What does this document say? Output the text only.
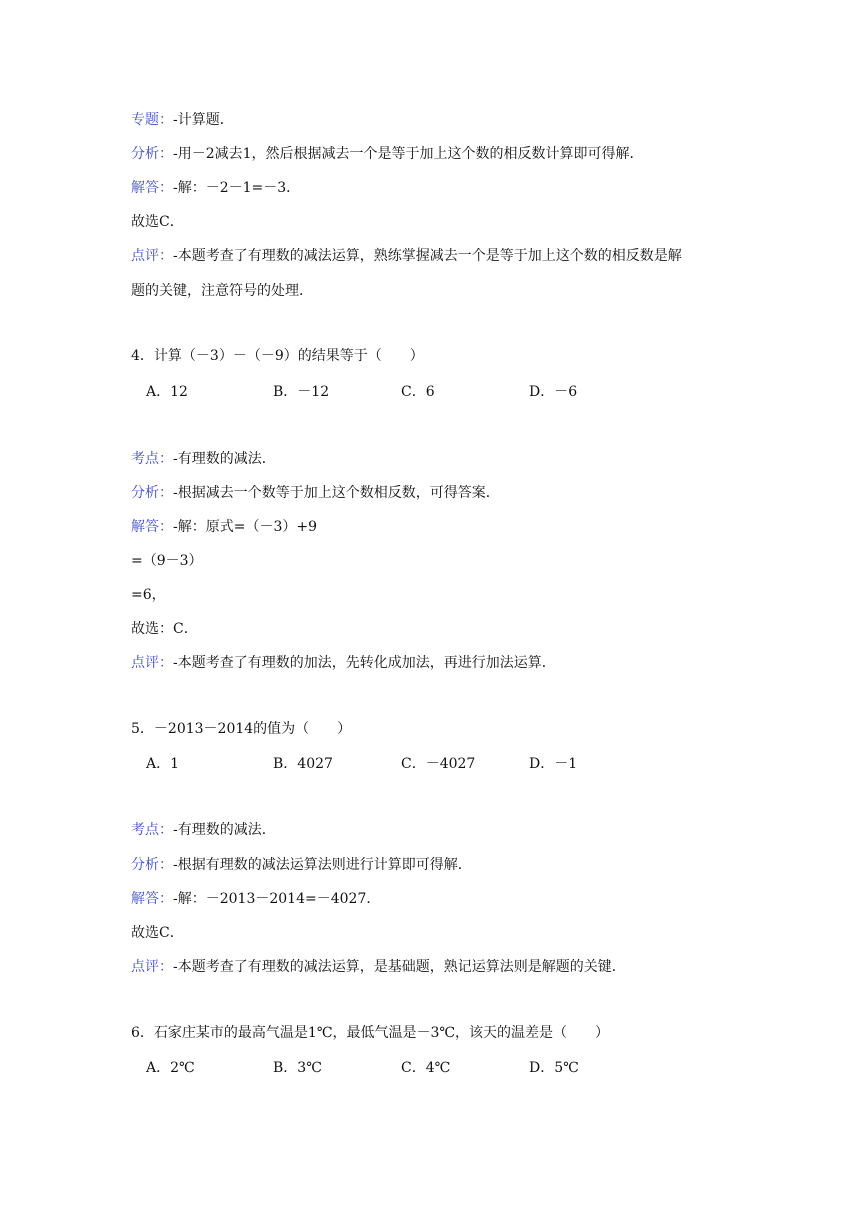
专题：-计算题．
分析：-用－2减去1，然后根据减去一个是等于加上这个数的相反数计算即可得解．
解答：-解：－2－1=－3．
故选C．
点评：-本题考查了有理数的减法运算，熟练掌握减去一个是等于加上这个数的相反数是解
题的关键，注意符号的处理．
4．计算（－3）－（－9）的结果等于（　　）
A．12	B．－12	C．6	D．－6
考点：-有理数的减法．
分析：-根据减去一个数等于加上这个数相反数，可得答案．
解答：-解：原式=（－3）+9
=（9－3）
=6，
故选：C．
点评：-本题考查了有理数的加法，先转化成加法，再进行加法运算．
5．－2013－2014的值为（　　）
A．1	B．4027	C．－4027	D．－1
考点：-有理数的减法．
分析：-根据有理数的减法运算法则进行计算即可得解．
解答：-解：－2013－2014=－4027．
故选C．
点评：-本题考查了有理数的减法运算，是基础题，熟记运算法则是解题的关键．
6．石家庄某市的最高气温是1℃，最低气温是－3℃，该天的温差是（　　）
A．2℃	B．3℃	C．4℃	D．5℃
